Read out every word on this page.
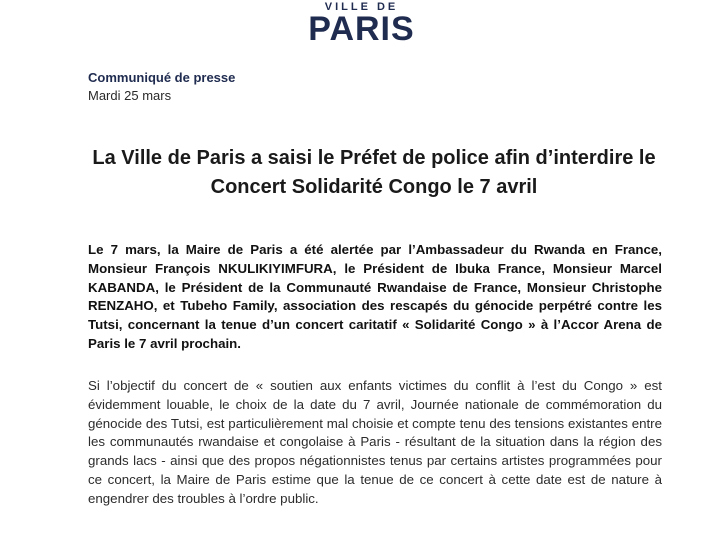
VILLE DE
PARIS
Communiqué de presse
Mardi 25 mars
La Ville de Paris a saisi le Préfet de police afin d’interdire le Concert Solidarité Congo le 7 avril

Le 7 mars, la Maire de Paris a été alertée par l’Ambassadeur du Rwanda en France, Monsieur François NKULIKIYIMFURA, le Président de Ibuka France, Monsieur Marcel KABANDA, le Président de la Communauté Rwandaise de France, Monsieur Christophe RENZAHO, et Tubeho Family, association des rescapés du génocide perpétré contre les Tutsi, concernant la tenue d’un concert caritatif « Solidarité Congo » à l’Accor Arena de Paris le 7 avril prochain.

Si l’objectif du concert de « soutien aux enfants victimes du conflit à l’est du Congo » est évidemment louable, le choix de la date du 7 avril, Journée nationale de commémoration du génocide des Tutsi, est particulièrement mal choisie et compte tenu des tensions existantes entre les communautés rwandaise et congolaise à Paris - résultant de la situation dans la région des grands lacs - ainsi que des propos négationnistes tenus par certains artistes programmées pour ce concert, la Maire de Paris estime que la tenue de ce concert à cette date est de nature à engendrer des troubles à l’ordre public.
